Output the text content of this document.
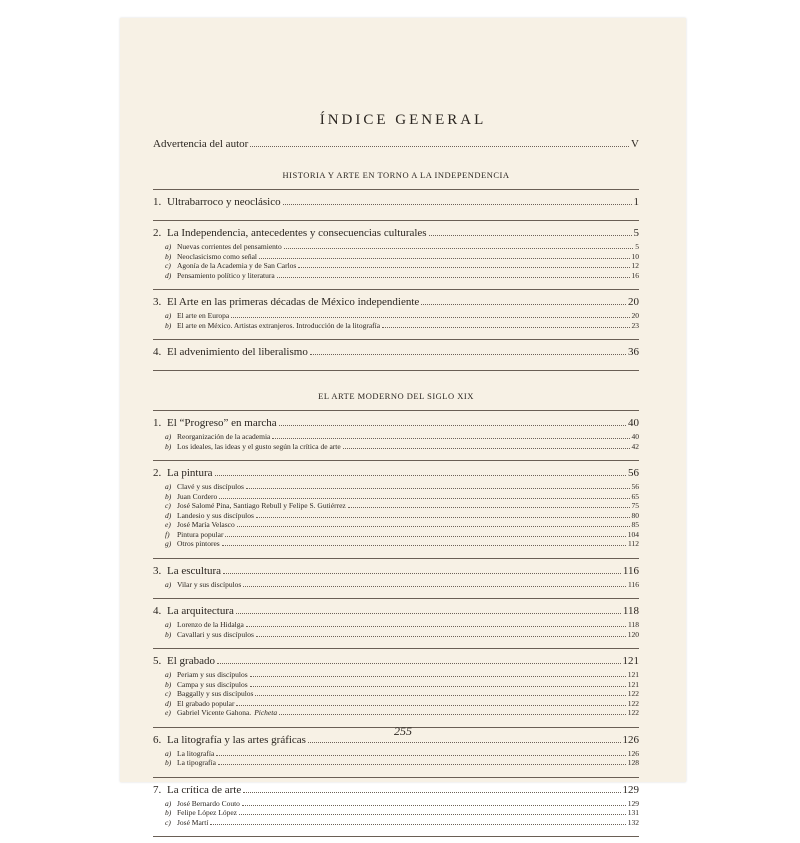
ÍNDICE GENERAL
Advertencia del autor	V
HISTORIA Y ARTE EN TORNO A LA INDEPENDENCIA
1. Ultrabarroco y neoclásico	1
2. La Independencia, antecedentes y consecuencias culturales	5
a) Nuevas corrientes del pensamiento	5
b) Neoclasicismo como señal	10
c) Agonía de la Academia y de San Carlos	12
d) Pensamiento político y literatura	16
3. El Arte en las primeras décadas de México independiente	20
a) El arte en Europa	20
b) El arte en México. Artistas extranjeros. Introducción de la litografía	23
4. El advenimiento del liberalismo	36
EL ARTE MODERNO DEL SIGLO XIX
1. El “Progreso” en marcha	40
a) Reorganización de la academia	40
b) Los ideales, las ideas y el gusto según la crítica de arte	42
2. La pintura	56
a) Clavé y sus discípulos	56
b) Juan Cordero	65
c) José Salomé Pina, Santiago Rebull y Felipe S. Gutiérrez	75
d) Landesio y sus discípulos	80
e) José María Velasco	85
f) Pintura popular	104
g) Otros pintores	112
3. La escultura	116
a) Vilar y sus discípulos	116
4. La arquitectura	118
a) Lorenzo de la Hidalga	118
b) Cavallari y sus discípulos	120
5. El grabado	121
a) Periam y sus discípulos	121
b) Campa y sus discípulos	121
c) Baggally y sus discípulos	122
d) El grabado popular	122
e) Gabriel Vicente Gahona. Picheta	122
6. La litografía y las artes gráficas	126
a) La litografía	126
b) La tipografía	128
7. La crítica de arte	129
a) José Bernardo Couto	129
b) Felipe López López	131
c) José Martí	132
255
